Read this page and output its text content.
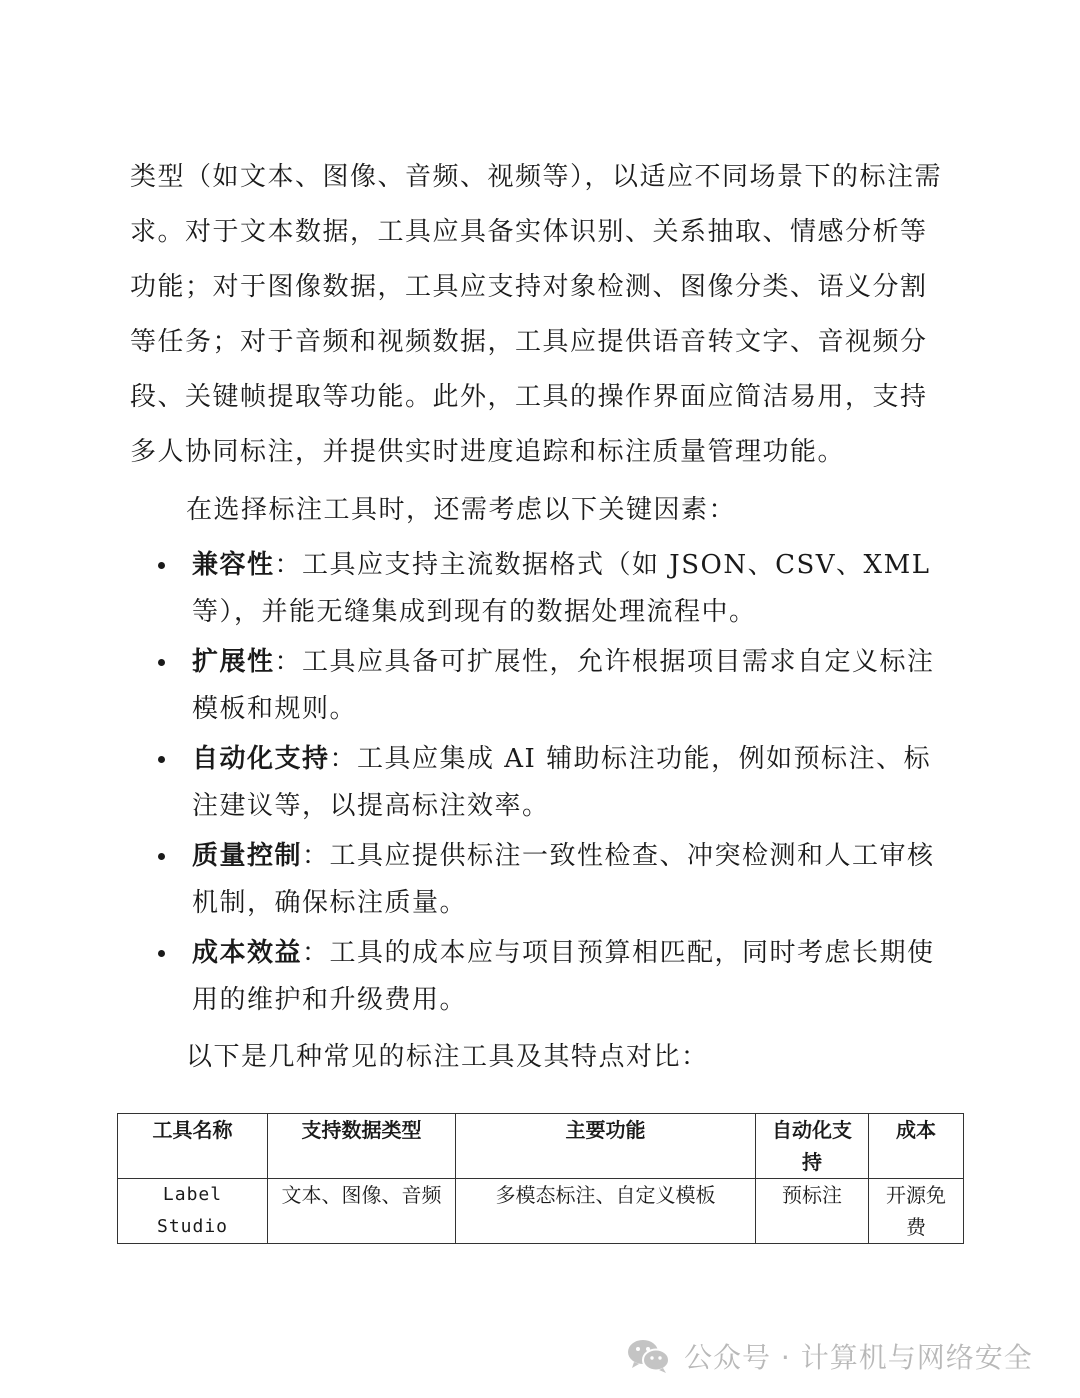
类型（如文本、图像、音频、视频等），以适应不同场景下的标注需求。对于文本数据，工具应具备实体识别、关系抽取、情感分析等功能；对于图像数据，工具应支持对象检测、图像分类、语义分割等任务；对于音频和视频数据，工具应提供语音转文字、音视频分段、关键帧提取等功能。此外，工具的操作界面应简洁易用，支持多人协同标注，并提供实时进度追踪和标注质量管理功能。

在选择标注工具时，还需考虑以下关键因素：

兼容性：工具应支持主流数据格式（如 JSON、CSV、XML 等），并能无缝集成到现有的数据处理流程中。
扩展性：工具应具备可扩展性，允许根据项目需求自定义标注模板和规则。
自动化支持：工具应集成 AI 辅助标注功能，例如预标注、标注建议等，以提高标注效率。
质量控制：工具应提供标注一致性检查、冲突检测和人工审核机制，确保标注质量。
成本效益：工具的成本应与项目预算相匹配，同时考虑长期使用的维护和升级费用。

以下是几种常见的标注工具及其特点对比：

工具名称	支持数据类型	主要功能	自动化支持	成本
Label Studio	文本、图像、音频	多模态标注、自定义模板	预标注	开源免费
公众号 · 计算机与网络安全
